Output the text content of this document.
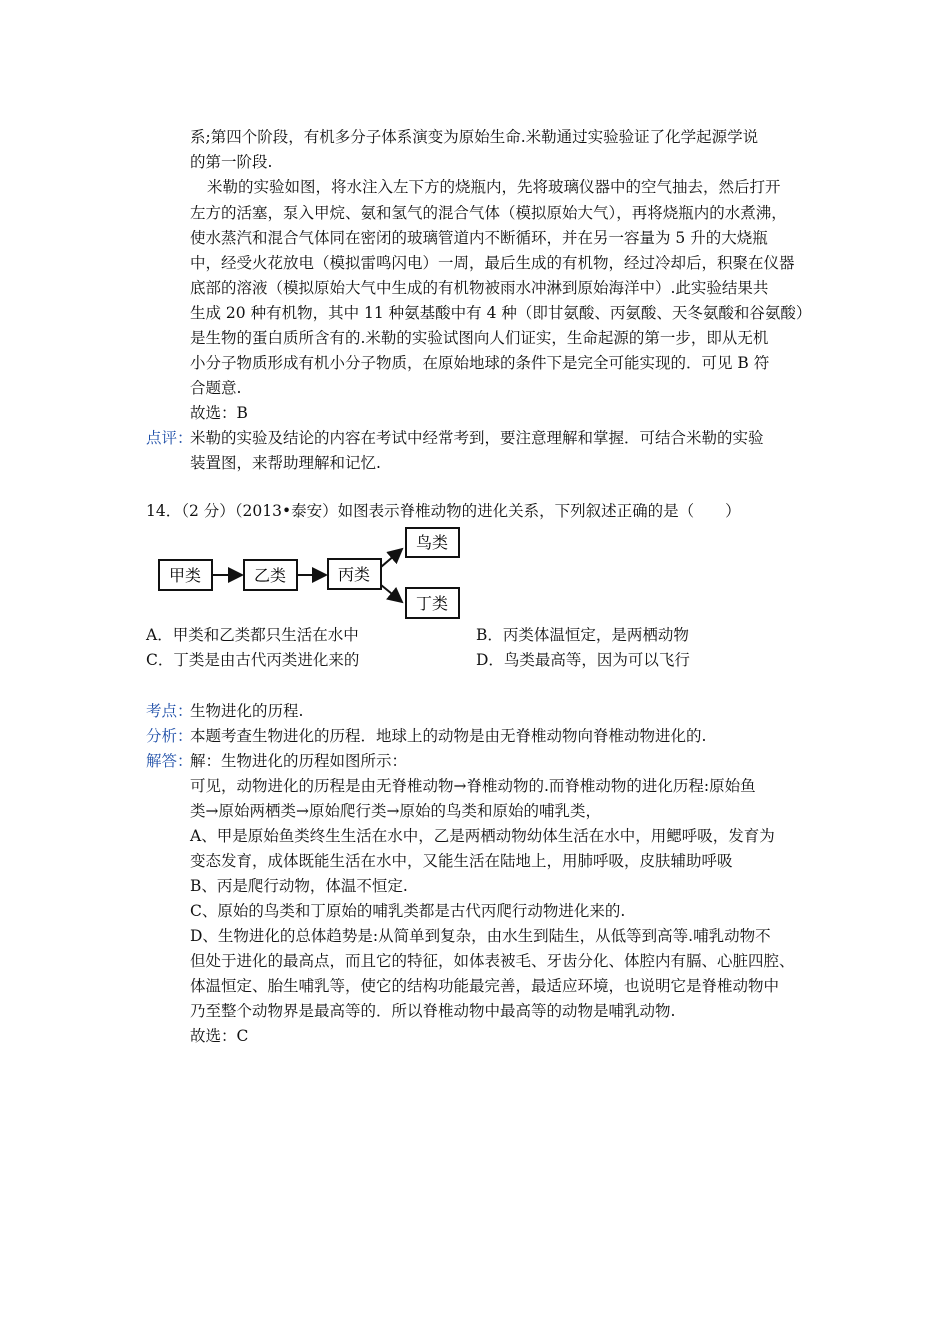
系;第四个阶段，有机多分子体系演变为原始生命.米勒通过实验验证了化学起源学说
的第一阶段.
米勒的实验如图，将水注入左下方的烧瓶内，先将玻璃仪器中的空气抽去，然后打开
左方的活塞，泵入甲烷、氨和氢气的混合气体（模拟原始大气），再将烧瓶内的水煮沸，
使水蒸汽和混合气体同在密闭的玻璃管道内不断循环，并在另一容量为 5 升的大烧瓶
中，经受火花放电（模拟雷鸣闪电）一周，最后生成的有机物，经过冷却后，积聚在仪器
底部的溶液（模拟原始大气中生成的有机物被雨水冲淋到原始海洋中）.此实验结果共
生成 20 种有机物，其中 11 种氨基酸中有 4 种（即甘氨酸、丙氨酸、天冬氨酸和谷氨酸）
是生物的蛋白质所含有的.米勒的实验试图向人们证实，生命起源的第一步，即从无机
小分子物质形成有机小分子物质，在原始地球的条件下是完全可能实现的．可见 B 符
合题意.
故选：B
点评：
米勒的实验及结论的内容在考试中经常考到，要注意理解和掌握．可结合米勒的实验
装置图，来帮助理解和记忆.
14．（2 分）（2013•泰安）如图表示脊椎动物的进化关系，下列叙述正确的是（　　）
甲类	乙类	丙类
鸟类
丁类
A．甲类和乙类都只生活在水中	B．丙类体温恒定，是两栖动物
C．丁类是由古代丙类进化来的	D．鸟类最高等，因为可以飞行
考点：
生物进化的历程.
分析：
本题考查生物进化的历程．地球上的动物是由无脊椎动物向脊椎动物进化的.
解答：
解：生物进化的历程如图所示：
可见，动物进化的历程是由无脊椎动物→脊椎动物的.而脊椎动物的进化历程:原始鱼
类→原始两栖类→原始爬行类→原始的鸟类和原始的哺乳类，
A、甲是原始鱼类终生生活在水中，乙是两栖动物幼体生活在水中，用鳃呼吸，发育为
变态发育，成体既能生活在水中，又能生活在陆地上，用肺呼吸，皮肤辅助呼吸
B、丙是爬行动物，体温不恒定.
C、原始的鸟类和丁原始的哺乳类都是古代丙爬行动物进化来的.
D、生物进化的总体趋势是:从简单到复杂，由水生到陆生，从低等到高等.哺乳动物不
但处于进化的最高点，而且它的特征，如体表被毛、牙齿分化、体腔内有膈、心脏四腔、
体温恒定、胎生哺乳等，使它的结构功能最完善，最适应环境，也说明它是脊椎动物中
乃至整个动物界是最高等的．所以脊椎动物中最高等的动物是哺乳动物.
故选：C
